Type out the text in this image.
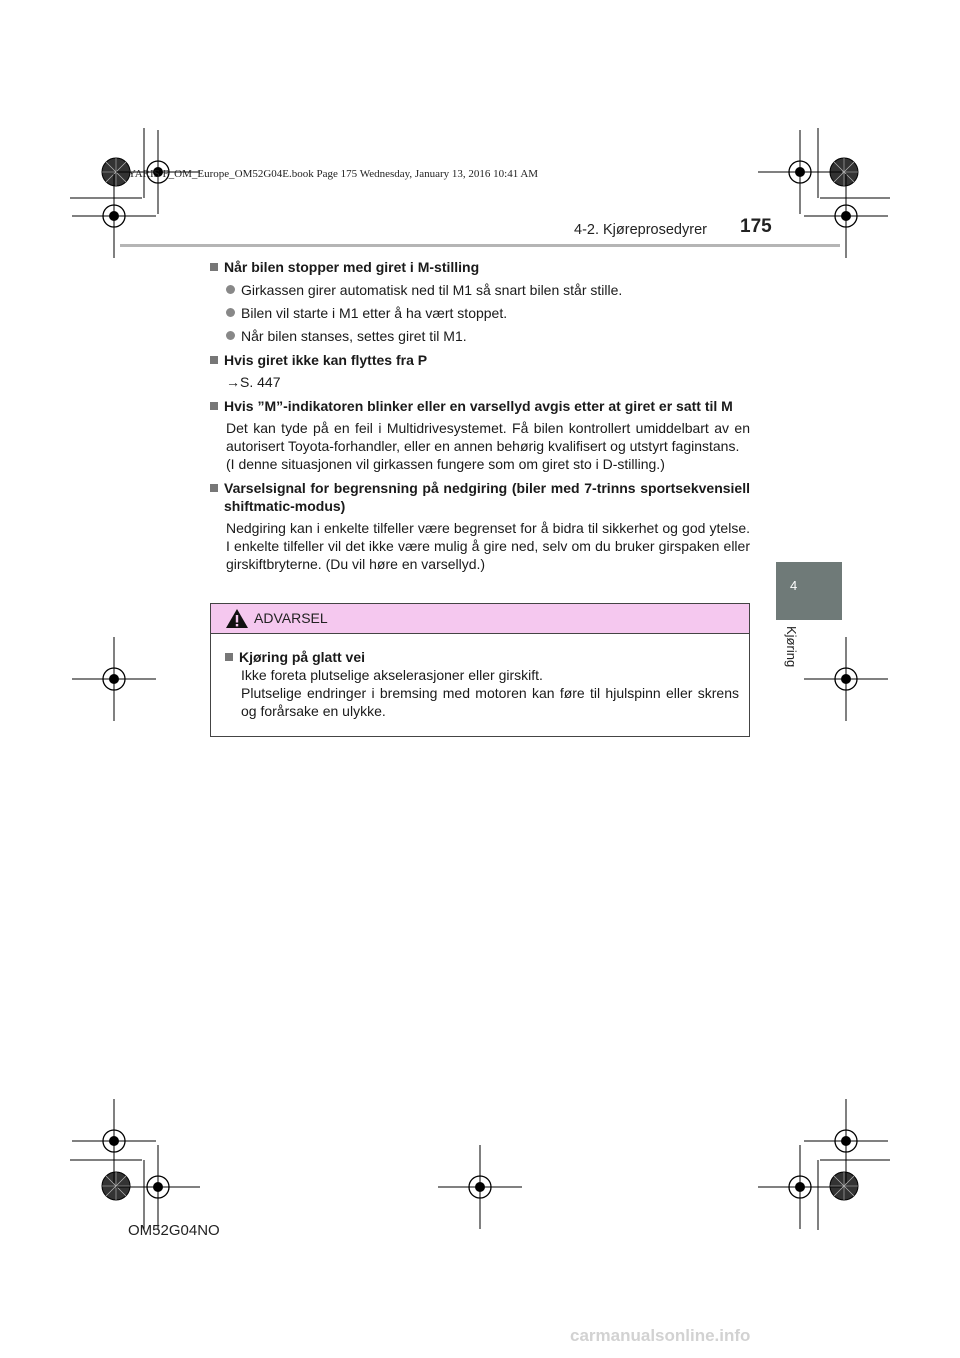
YARIS F_OM_Europe_OM52G04E.book Page 175 Wednesday, January 13, 2016 10:41 AM
4-2. Kjøreprosedyrer 175
4
Kjøring
Når bilen stopper med giret i M-stilling
Girkassen girer automatisk ned til M1 så snart bilen står stille.
Bilen vil starte i M1 etter å ha vært stoppet.
Når bilen stanses, settes giret til M1.
Hvis giret ikke kan flyttes fra P
→S. 447
Hvis ”M”-indikatoren blinker eller en varsellyd avgis etter at giret er satt til M
Det kan tyde på en feil i Multidrivesystemet. Få bilen kontrollert umiddelbart av en autorisert Toyota-forhandler, eller en annen behørig kvalifisert og utstyrt faginstans.
(I denne situasjonen vil girkassen fungere som om giret sto i D-stilling.)
Varselsignal for begrensning på nedgiring (biler med 7-trinns sportsekvensiell shiftmatic-modus)
Nedgiring kan i enkelte tilfeller være begrenset for å bidra til sikkerhet og god ytelse. I enkelte tilfeller vil det ikke være mulig å gire ned, selv om du bruker girspaken eller girskiftbryterne. (Du vil høre en varsellyd.)
ADVARSEL
Kjøring på glatt vei
Ikke foreta plutselige akselerasjoner eller girskift.
Plutselige endringer i bremsing med motoren kan føre til hjulspinn eller skrens og forårsake en ulykke.
OM52G04NO
carmanualsonline.info
